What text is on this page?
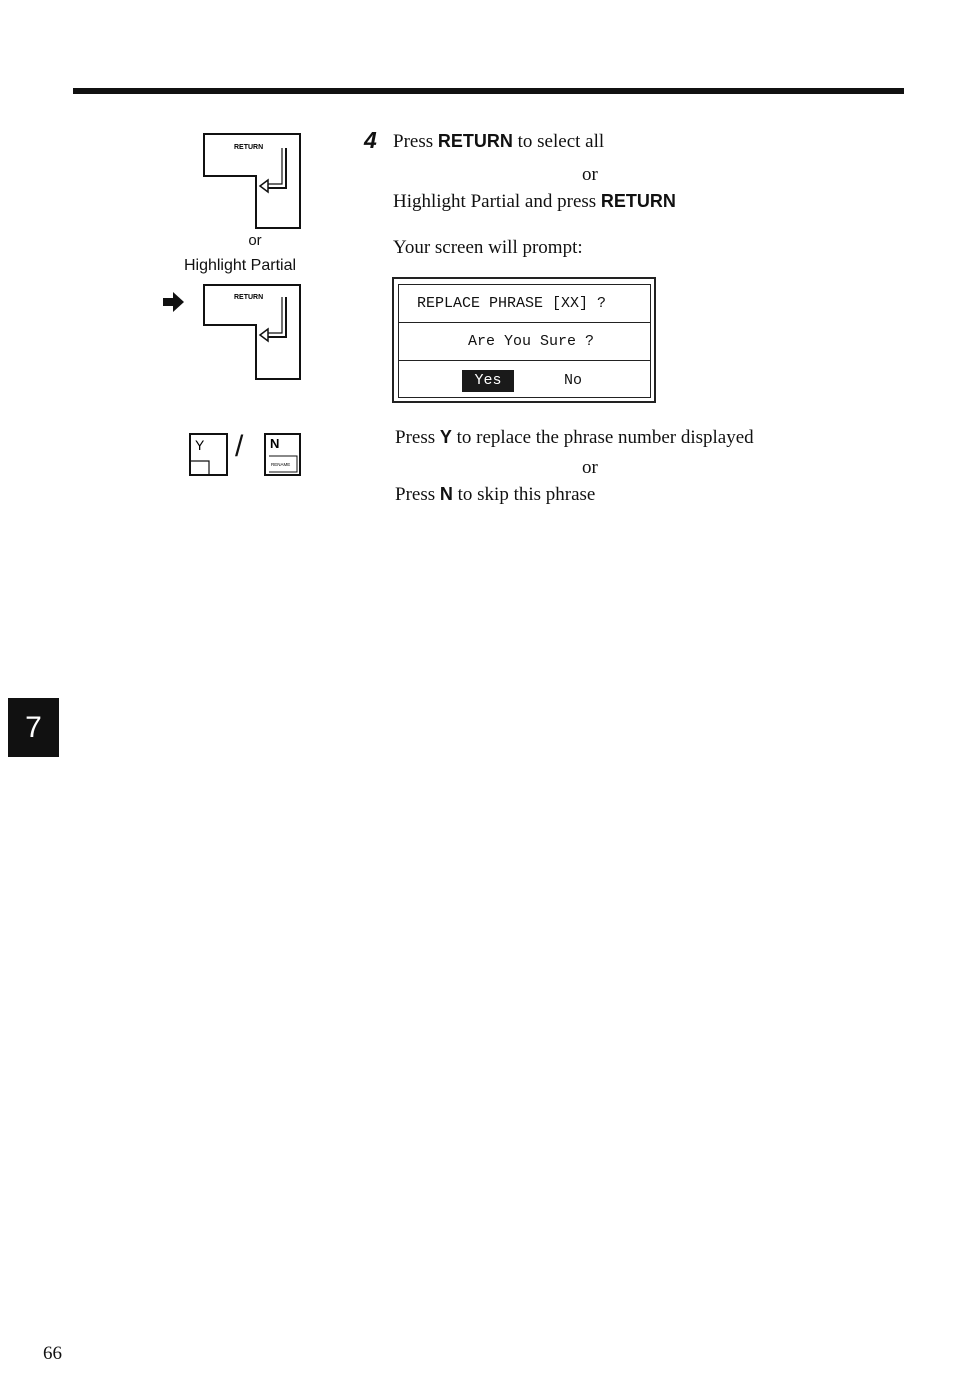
RETURN
or
Highlight Partial
RETURN
Y / N
RENAME
4 Press RETURN to select all
or
Highlight Partial and press RETURN
Your screen will prompt:
REPLACE PHRASE [XX] ?
Are You Sure ?
Yes	No
Press Y to replace the phrase number displayed
or
Press N to skip this phrase
7
66
